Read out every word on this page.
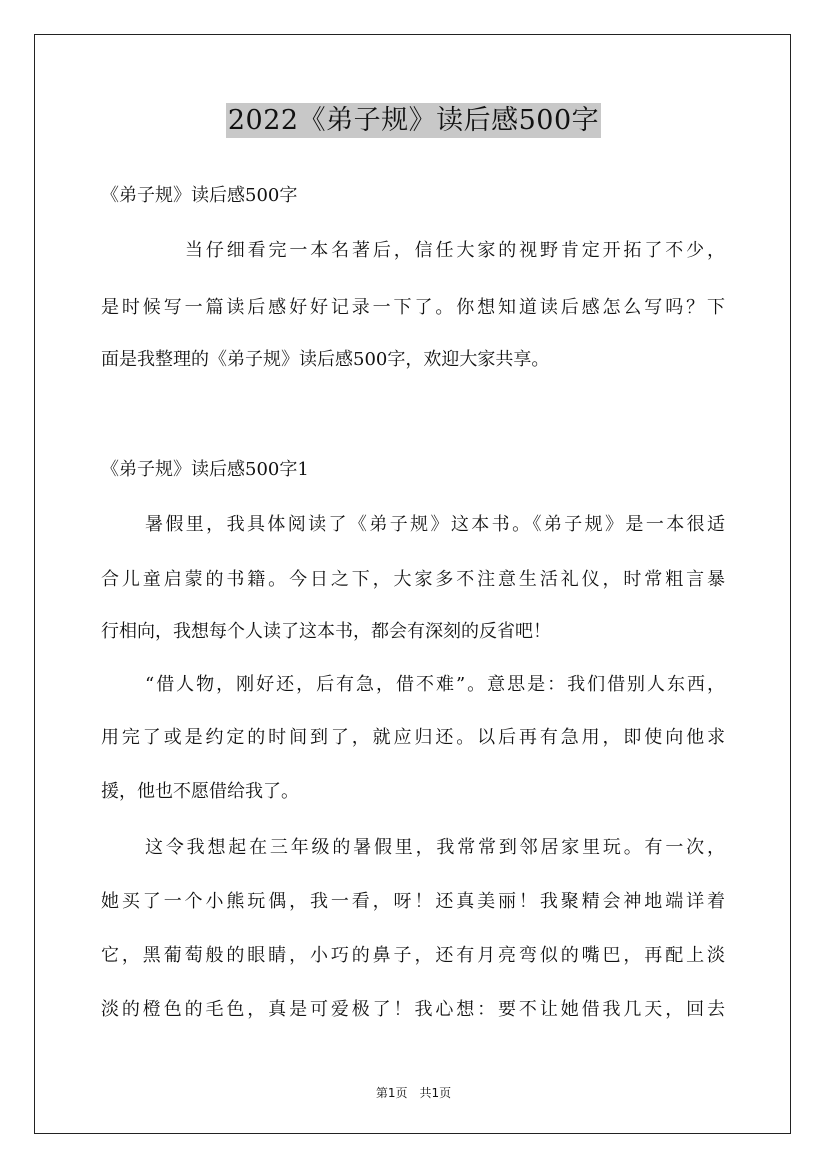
2022《弟子规》读后感500字
《弟子规》读后感500字
当仔细看完一本名著后，信任大家的视野肯定开拓了不少，
是时候写一篇读后感好好记录一下了。你想知道读后感怎么写吗？下
面是我整理的《弟子规》读后感500字，欢迎大家共享。
《弟子规》读后感500字1
暑假里，我具体阅读了《弟子规》这本书。《弟子规》是一本很适
合儿童启蒙的书籍。今日之下，大家多不注意生活礼仪，时常粗言暴
行相向，我想每个人读了这本书，都会有深刻的反省吧！
“借人物，刚好还，后有急，借不难”。意思是：我们借别人东西，
用完了或是约定的时间到了，就应归还。以后再有急用，即使向他求
援，他也不愿借给我了。
这令我想起在三年级的暑假里，我常常到邻居家里玩。有一次，
她买了一个小熊玩偶，我一看，呀！还真美丽！我聚精会神地端详着
它，黑葡萄般的眼睛，小巧的鼻子，还有月亮弯似的嘴巴，再配上淡
淡的橙色的毛色，真是可爱极了！我心想：要不让她借我几天，回去
第1页　共1页
